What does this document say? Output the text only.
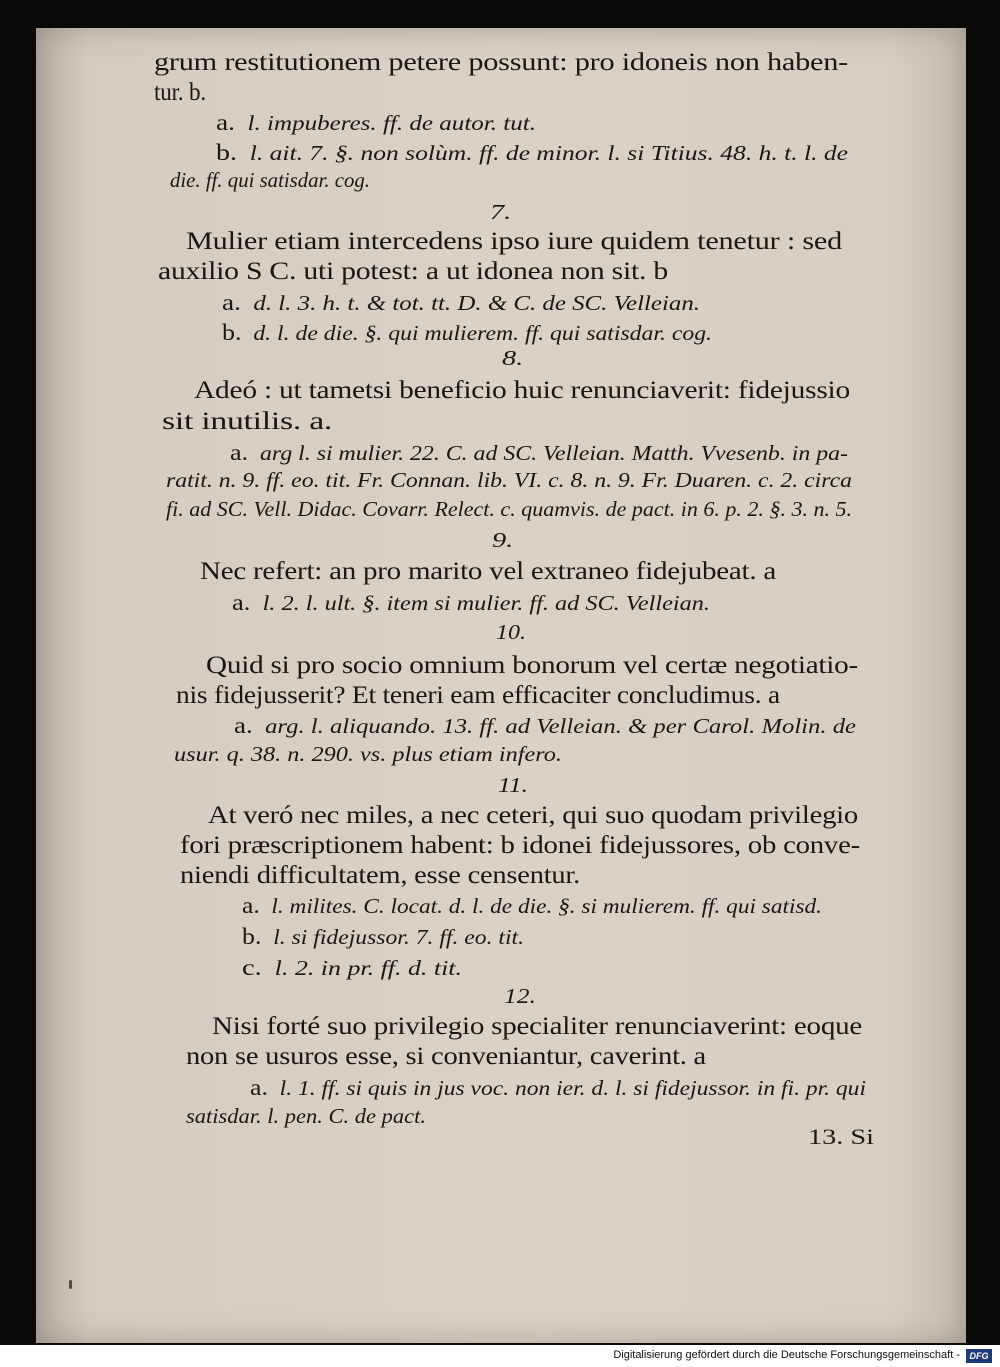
grum restitutionem petere possunt: pro idoneis non haben-
tur. b.
a. l. impuberes. ff. de autor. tut.
b. l. ait. 7. §. non solùm. ff. de minor. l. si Titius. 48. h. t. l. de
die. ff. qui satisdar. cog.
7.
Mulier etiam intercedens ipso iure quidem tenetur : sed
auxilio S C. uti potest: a ut idonea non sit. b
a. d. l. 3. h. t. & tot. tt. D. & C. de SC. Velleian.
b. d. l. de die. §. qui mulierem. ff. qui satisdar. cog.
8.
Adeó : ut tametsi beneficio huic renunciaverit: fidejussio
sit inutilis. a.
a. arg l. si mulier. 22. C. ad SC. Velleian. Matth. Vvesenb. in pa-
ratit. n. 9. ff. eo. tit. Fr. Connan. lib. VI. c. 8. n. 9. Fr. Duaren. c. 2. circa
fi. ad SC. Vell. Didac. Covarr. Relect. c. quamvis. de pact. in 6. p. 2. §. 3. n. 5.
9.
Nec refert: an pro marito vel extraneo fidejubeat. a
a. l. 2. l. ult. §. item si mulier. ff. ad SC. Velleian.
10.
Quid si pro socio omnium bonorum vel certæ negotiatio-
nis fidejusserit? Et teneri eam efficaciter concludimus. a
a. arg. l. aliquando. 13. ff. ad Velleian. & per Carol. Molin. de
usur. q. 38. n. 290. vs. plus etiam infero.
11.
At veró nec miles, a nec ceteri, qui suo quodam privilegio
fori præscriptionem habent: b idonei fidejussores, ob conve-
niendi difficultatem, esse censentur.
a. l. milites. C. locat. d. l. de die. §. si mulierem. ff. qui satisd.
b. l. si fidejussor. 7. ff. eo. tit.
c. l. 2. in pr. ff. d. tit.
12.
Nisi forté suo privilegio specialiter renunciaverint: eoque
non se usuros esse, si conveniantur, caverint. a
a. l. 1. ff. si quis in jus voc. non ier. d. l. si fidejussor. in fi. pr. qui
satisdar. l. pen. C. de pact.
13. Si
Digitalisierung gefördert durch die Deutsche Forschungsgemeinschaft -	DFG
